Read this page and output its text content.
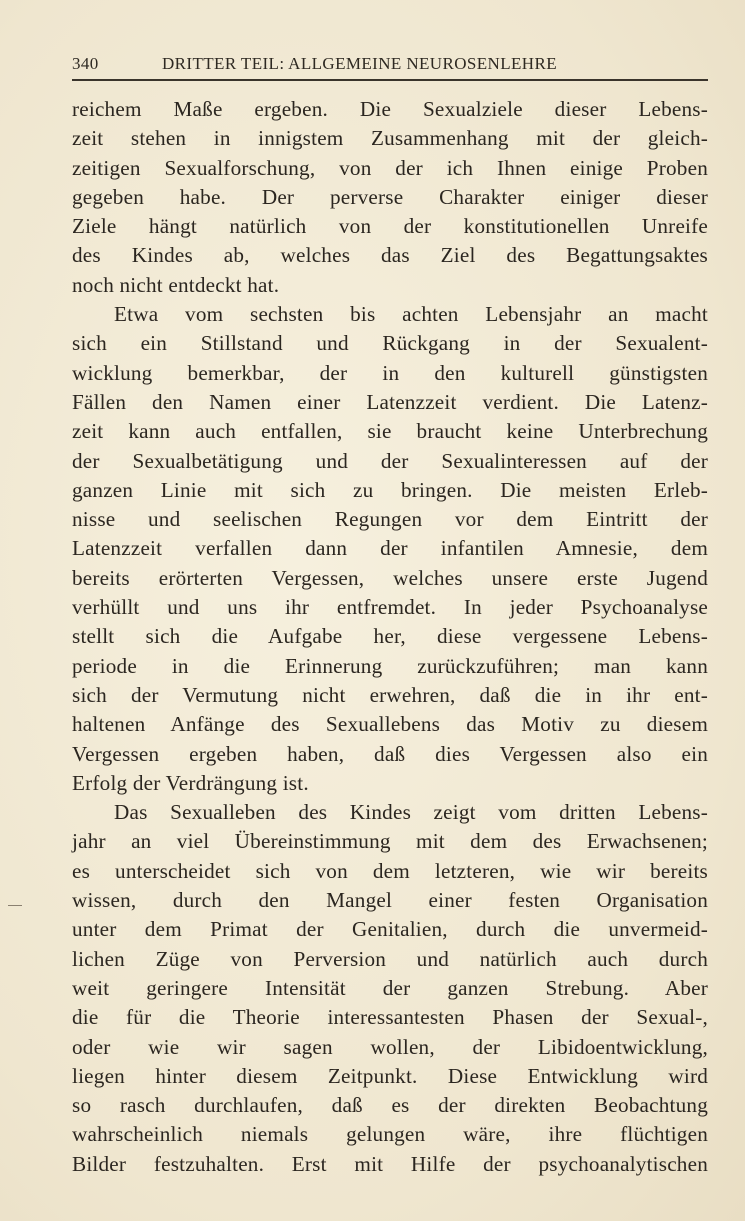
340	DRITTER TEIL: ALLGEMEINE NEUROSENLEHRE
reichem Maße ergeben. Die Sexualziele dieser Lebens-
zeit stehen in innigstem Zusammenhang mit der gleich-
zeitigen Sexualforschung, von der ich Ihnen einige Proben
gegeben habe. Der perverse Charakter einiger dieser
Ziele hängt natürlich von der konstitutionellen Unreife
des Kindes ab, welches das Ziel des Begattungsaktes
noch nicht entdeckt hat.
Etwa vom sechsten bis achten Lebensjahr an macht
sich ein Stillstand und Rückgang in der Sexualent-
wicklung bemerkbar, der in den kulturell günstigsten
Fällen den Namen einer Latenzzeit verdient. Die Latenz-
zeit kann auch entfallen, sie braucht keine Unterbrechung
der Sexualbetätigung und der Sexualinteressen auf der
ganzen Linie mit sich zu bringen. Die meisten Erleb-
nisse und seelischen Regungen vor dem Eintritt der
Latenzzeit verfallen dann der infantilen Amnesie, dem
bereits erörterten Vergessen, welches unsere erste Jugend
verhüllt und uns ihr entfremdet. In jeder Psychoanalyse
stellt sich die Aufgabe her, diese vergessene Lebens-
periode in die Erinnerung zurückzuführen; man kann
sich der Vermutung nicht erwehren, daß die in ihr ent-
haltenen Anfänge des Sexuallebens das Motiv zu diesem
Vergessen ergeben haben, daß dies Vergessen also ein
Erfolg der Verdrängung ist.
Das Sexualleben des Kindes zeigt vom dritten Lebens-
jahr an viel Übereinstimmung mit dem des Erwachsenen;
es unterscheidet sich von dem letzteren, wie wir bereits
wissen, durch den Mangel einer festen Organisation
unter dem Primat der Genitalien, durch die unvermeid-
lichen Züge von Perversion und natürlich auch durch
weit geringere Intensität der ganzen Strebung. Aber
die für die Theorie interessantesten Phasen der Sexual-,
oder wie wir sagen wollen, der Libidoentwicklung,
liegen hinter diesem Zeitpunkt. Diese Entwicklung wird
so rasch durchlaufen, daß es der direkten Beobachtung
wahrscheinlich niemals gelungen wäre, ihre flüchtigen
Bilder festzuhalten. Erst mit Hilfe der psychoanalytischen
